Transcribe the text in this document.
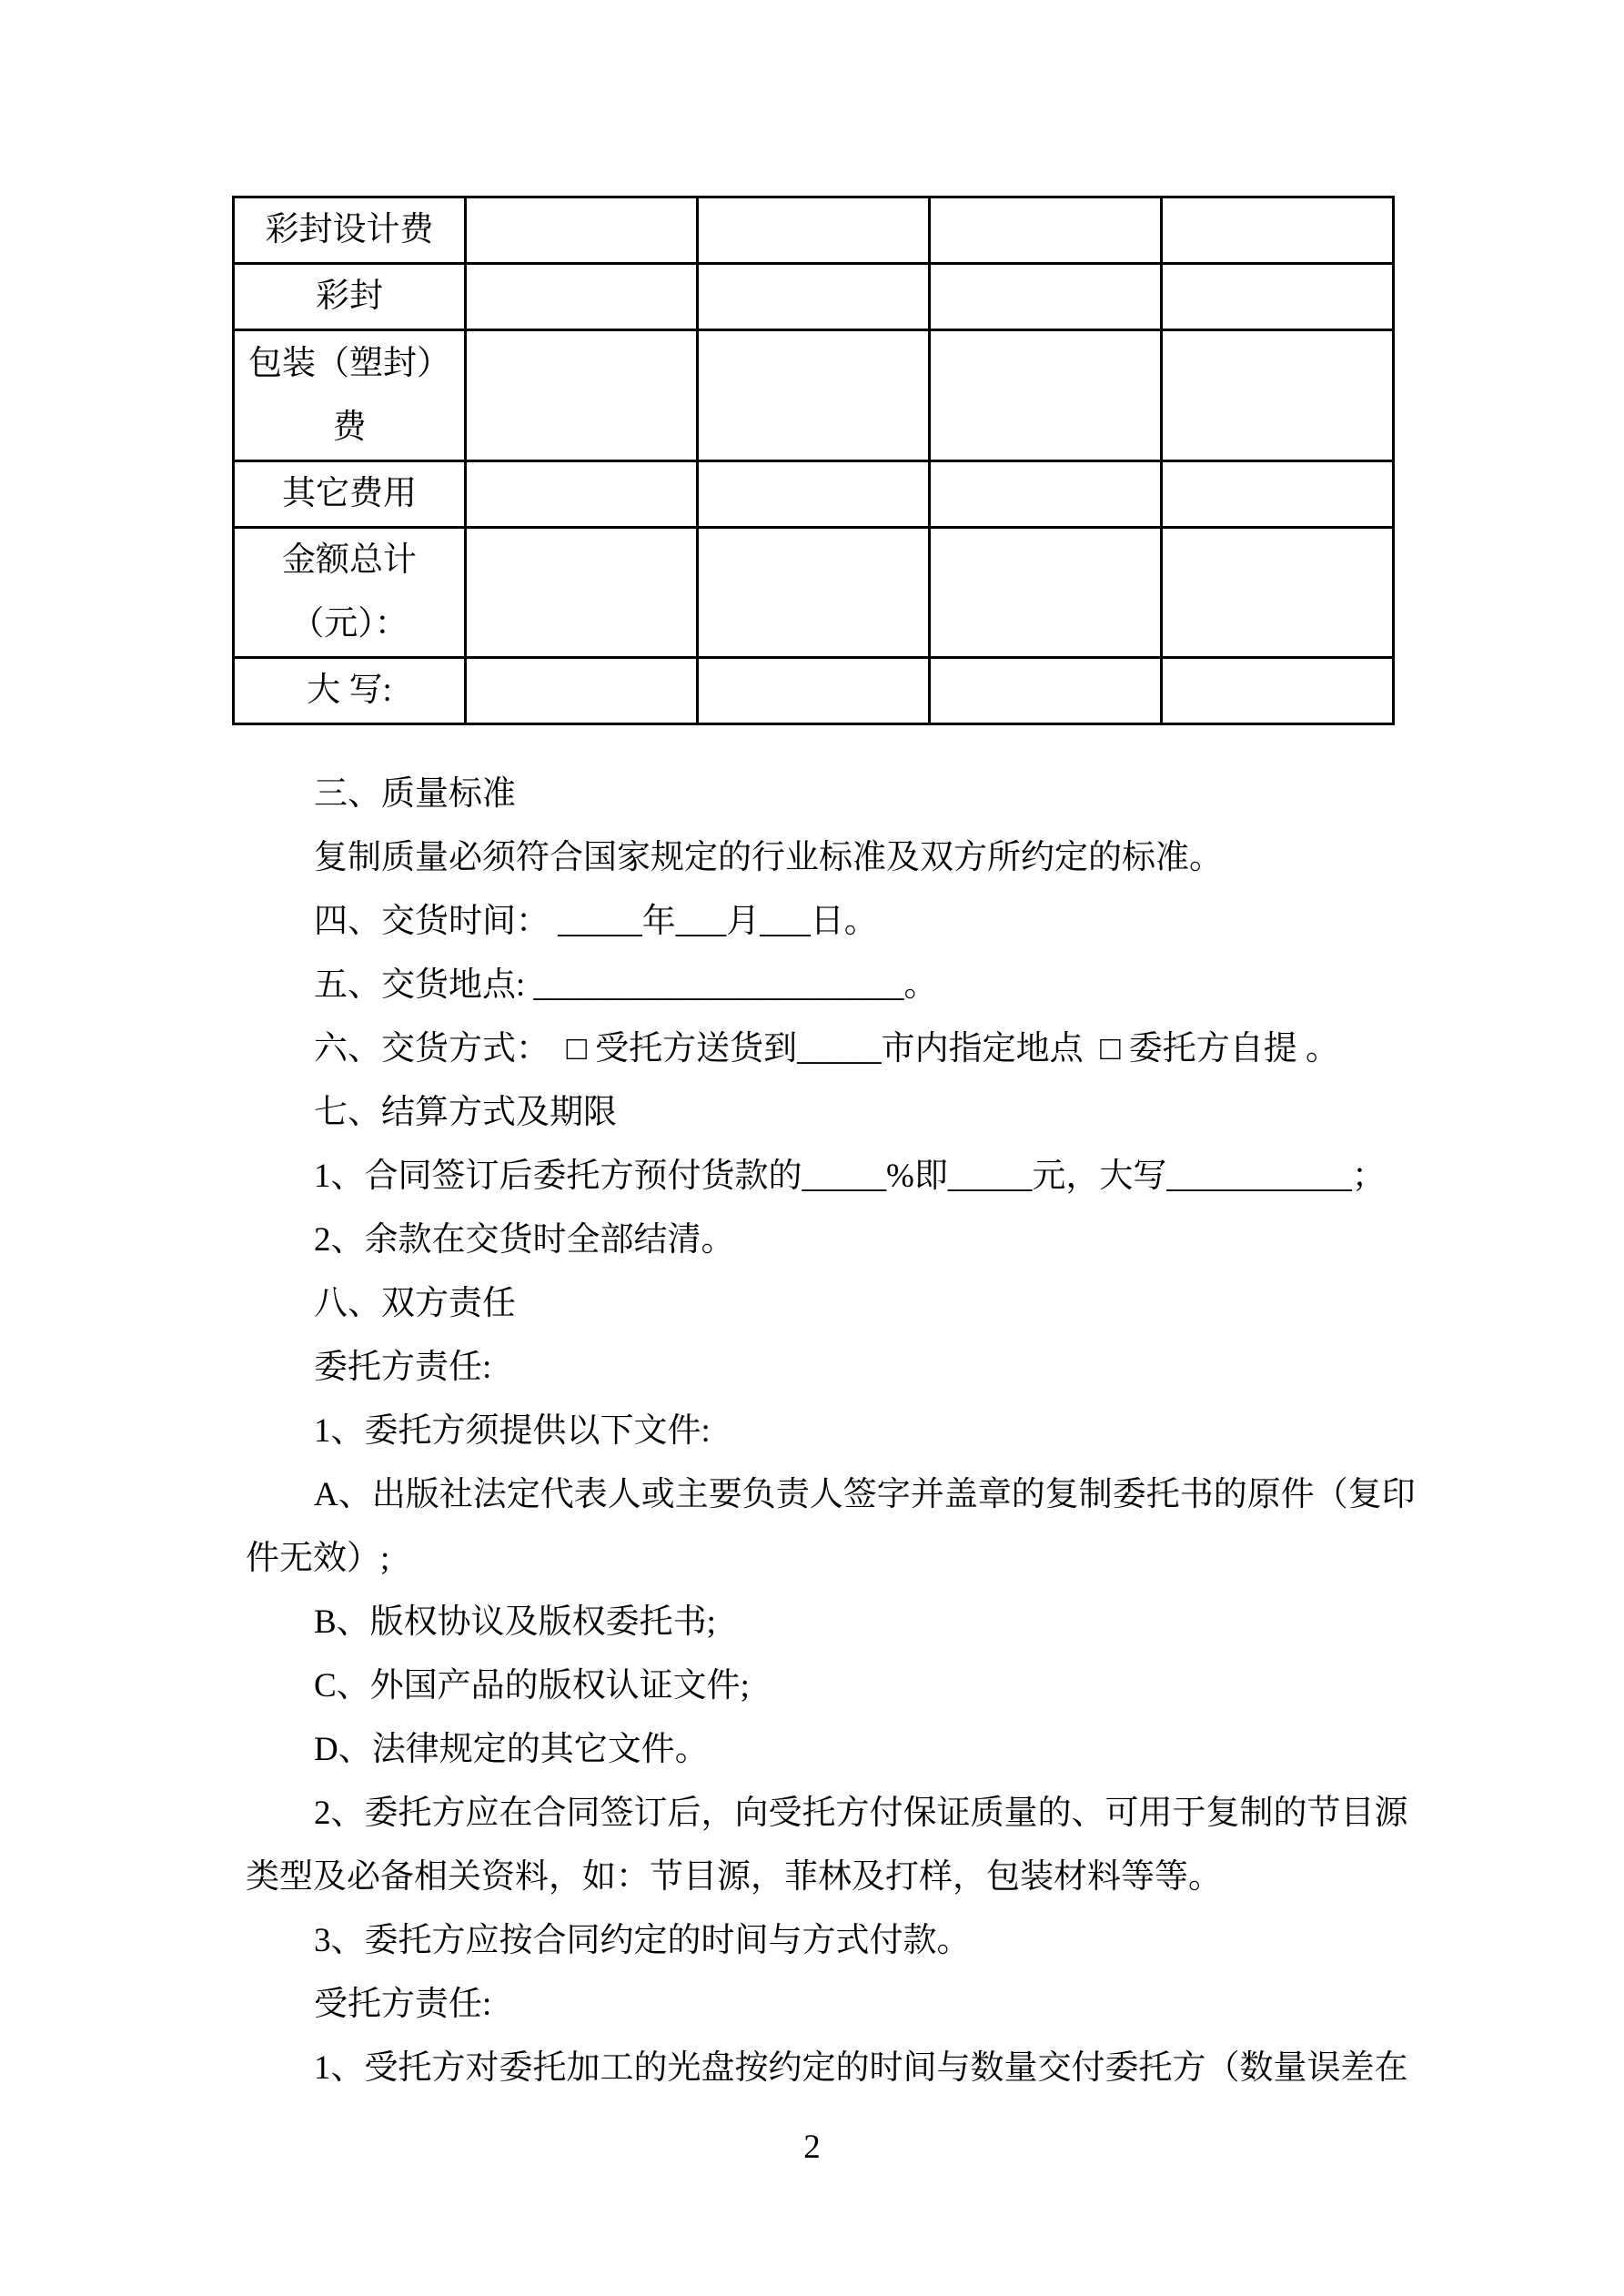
彩封设计费				

彩封				

包装（塑封）
费				

其它费用				

金额总计
（元）：				

大 写:				

三、质量标准
复制质量必须符合国家规定的行业标准及双方所约定的标准。
四、交货时间： _____年___月___日。
五、交货地点: ______________________。
六、交货方式：  □ 受托方送货到_____市内指定地点  □ 委托方自提 。
七、结算方式及期限
1、合同签订后委托方预付货款的_____%即_____元，大写___________；
2、余款在交货时全部结清。
八、双方责任
委托方责任:
1、委托方须提供以下文件:
A、出版社法定代表人或主要负责人签字并盖章的复制委托书的原件（复印
件无效）;
B、版权协议及版权委托书;
C、外国产品的版权认证文件;
D、法律规定的其它文件。
2、委托方应在合同签订后，向受托方付保证质量的、可用于复制的节目源
类型及必备相关资料，如：节目源，菲林及打样，包装材料等等。
3、委托方应按合同约定的时间与方式付款。
受托方责任:
1、受托方对委托加工的光盘按约定的时间与数量交付委托方（数量误差在
2
